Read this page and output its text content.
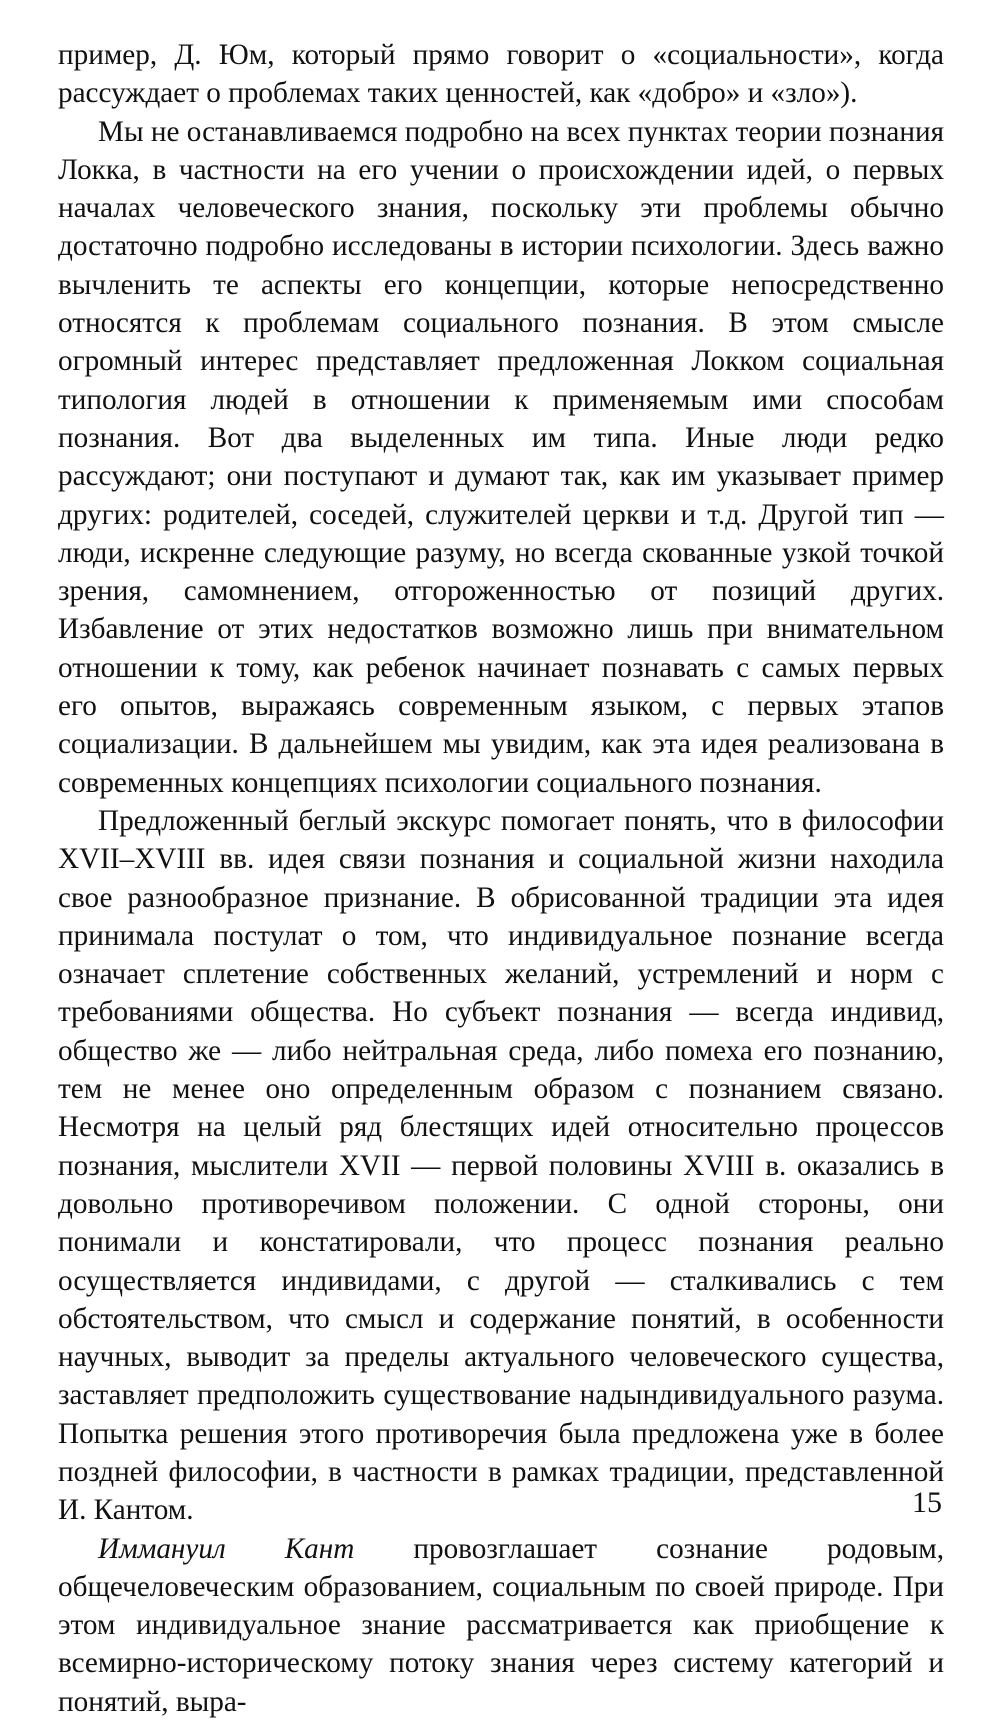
пример, Д. Юм, который прямо говорит о «социальности», когда рассуждает о проблемах таких ценностей, как «добро» и «зло»).

Мы не останавливаемся подробно на всех пунктах теории познания Локка, в частности на его учении о происхождении идей, о первых началах человеческого знания, поскольку эти проблемы обычно достаточно подробно исследованы в истории психологии. Здесь важно вычленить те аспекты его концепции, которые непосредственно относятся к проблемам социального познания. В этом смысле огромный интерес представляет предложенная Локком социальная типология людей в отношении к применяемым ими способам познания. Вот два выделенных им типа. Иные люди редко рассуждают; они поступают и думают так, как им указывает пример других: родителей, соседей, служителей церкви и т.д. Другой тип — люди, искренне следующие разуму, но всегда скованные узкой точкой зрения, самомнением, отгороженностью от позиций других. Избавление от этих недостатков возможно лишь при внимательном отношении к тому, как ребенок начинает познавать с самых первых его опытов, выражаясь современным языком, с первых этапов социализации. В дальнейшем мы увидим, как эта идея реализована в современных концепциях психологии социального познания.

Предложенный беглый экскурс помогает понять, что в философии XVII–XVIII вв. идея связи познания и социальной жизни находила свое разнообразное признание. В обрисованной традиции эта идея принимала постулат о том, что индивидуальное познание всегда означает сплетение собственных желаний, устремлений и норм с требованиями общества. Но субъект познания — всегда индивид, общество же — либо нейтральная среда, либо помеха его познанию, тем не менее оно определенным образом с познанием связано. Несмотря на целый ряд блестящих идей относительно процессов познания, мыслители XVII — первой половины XVIII в. оказались в довольно противоречивом положении. С одной стороны, они понимали и констатировали, что процесс познания реально осуществляется индивидами, с другой — сталкивались с тем обстоятельством, что смысл и содержание понятий, в особенности научных, выводит за пределы актуального человеческого существа, заставляет предположить существование надындивидуального разума. Попытка решения этого противоречия была предложена уже в более поздней философии, в частности в рамках традиции, представленной И. Кантом.

Иммануил Кант провозглашает сознание родовым, общечеловеческим образованием, социальным по своей природе. При этом индивидуальное знание рассматривается как приобщение к всемирно-историческому потоку знания через систему категорий и понятий, выра-

15
